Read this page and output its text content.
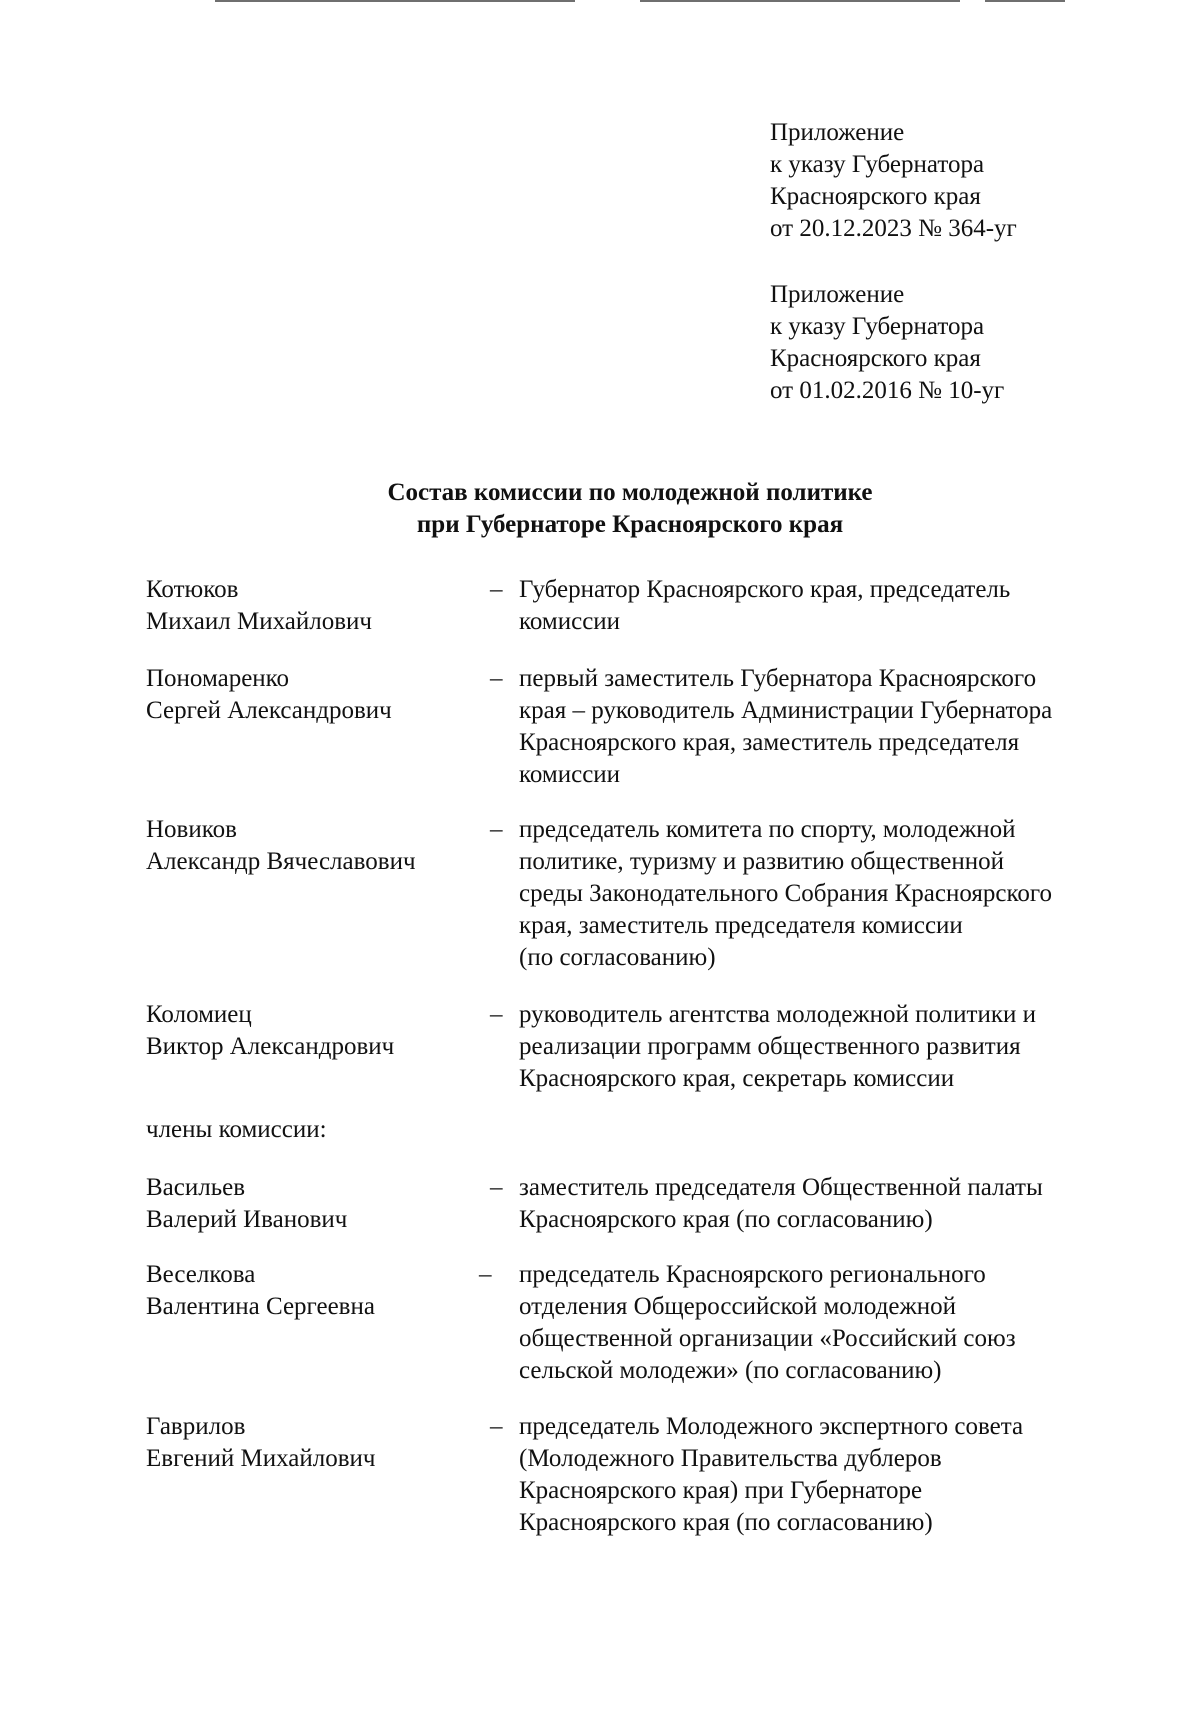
Приложение
к указу Губернатора
Красноярского края
от 20.12.2023 № 364-уг
Приложение
к указу Губернатора
Красноярского края
от 01.02.2016 № 10-уг
Состав комиссии по молодежной политике
при Губернаторе Красноярского края
Котюков
Михаил Михайлович
– Губернатор Красноярского края, председатель
комиссии
Пономаренко
Сергей Александрович
– первый заместитель Губернатора Красноярского
края – руководитель Администрации Губернатора
Красноярского края, заместитель председателя
комиссии
Новиков
Александр Вячеславович
– председатель комитета по спорту, молодежной
политике, туризму и развитию общественной
среды Законодательного Собрания Красноярского
края, заместитель председателя комиссии
(по согласованию)
Коломиец
Виктор Александрович
– руководитель агентства молодежной политики и
реализации программ общественного развития
Красноярского края, секретарь комиссии
члены комиссии:
Васильев
Валерий Иванович
– заместитель председателя Общественной палаты
Красноярского края (по согласованию)
Веселкова
Валентина Сергеевна
– председатель Красноярского регионального
отделения Общероссийской молодежной
общественной организации «Российский союз
сельской молодежи» (по согласованию)
Гаврилов
Евгений Михайлович
– председатель Молодежного экспертного совета
(Молодежного Правительства дублеров
Красноярского края) при Губернаторе
Красноярского края (по согласованию)
